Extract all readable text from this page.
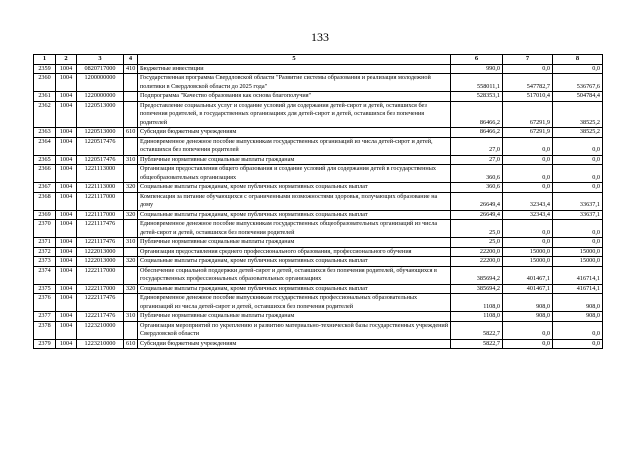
133
1	2	3	4	5	6	7	8
2359	1004	0820717000	410	Бюджетные инвестиции	990,0	0,0	0,0
2360	1004	1200000000		Государственная программа Свердловской области "Развитие системы образования и реализация молодежной политики в Свердловской области до 2025 года"	558011,1	547782,7	536767,6
2361	1004	1220000000		Подпрограмма "Качество образования как основа благополучия"	528353,1	517010,4	504784,4
2362	1004	1220513000		Предоставление социальных услуг и создание условий для содержания детей-сирот и детей, оставшихся без попечения родителей, в государственных организациях для детей-сирот и детей, оставшихся без попечения родителей	86466,2	67291,9	38525,2
2363	1004	1220513000	610	Субсидии бюджетным учреждениям	86466,2	67291,9	38525,2
2364	1004	1220517476		Единовременное денежное пособие выпускникам государственных организаций из числа детей-сирот и детей, оставшихся без попечения родителей	27,0	0,0	0,0
2365	1004	1220517476	310	Публичные нормативные социальные выплаты гражданам	27,0	0,0	0,0
2366	1004	1221113000		Организация предоставления общего образования и создание условий для содержания детей в государственных общеобразовательных организациях	360,6	0,0	0,0
2367	1004	1221113000	320	Социальные выплаты гражданам, кроме публичных нормативных социальных выплат	360,6	0,0	0,0
2368	1004	1221117000		Компенсация за питание обучающихся с ограниченными возможностями здоровья, получающих образование на дому	26649,4	32343,4	33637,1
2369	1004	1221117000	320	Социальные выплаты гражданам, кроме публичных нормативных социальных выплат	26649,4	32343,4	33637,1
2370	1004	1221117476		Единовременное денежное пособие выпускникам государственных общеобразовательных организаций из числа детей-сирот и детей, оставшихся без попечения родителей	25,0	0,0	0,0
2371	1004	1221117476	310	Публичные нормативные социальные выплаты гражданам	25,0	0,0	0,0
2372	1004	1222013000		Организация предоставления среднего профессионального образования, профессионального обучения	22200,0	15000,0	15000,0
2373	1004	1222013000	320	Социальные выплаты гражданам, кроме публичных нормативных социальных выплат	22200,0	15000,0	15000,0
2374	1004	1222117000		Обеспечение социальной поддержки детей-сирот и детей, оставшихся без попечения родителей, обучающихся в государственных профессиональных образовательных организациях	385694,2	401467,1	416714,1
2375	1004	1222117000	320	Социальные выплаты гражданам, кроме публичных нормативных социальных выплат	385694,2	401467,1	416714,1
2376	1004	1222117476		Единовременное денежное пособие выпускникам государственных профессиональных образовательных организаций из числа детей-сирот и детей, оставшихся без попечения родителей	1108,0	908,0	908,0
2377	1004	1222117476	310	Публичные нормативные социальные выплаты гражданам	1108,0	908,0	908,0
2378	1004	1223210000		Организация мероприятий по укреплению и развитию материально-технической базы государственных учреждений Свердловской области	5822,7	0,0	0,0
2379	1004	1223210000	610	Субсидии бюджетным учреждениям	5822,7	0,0	0,0
